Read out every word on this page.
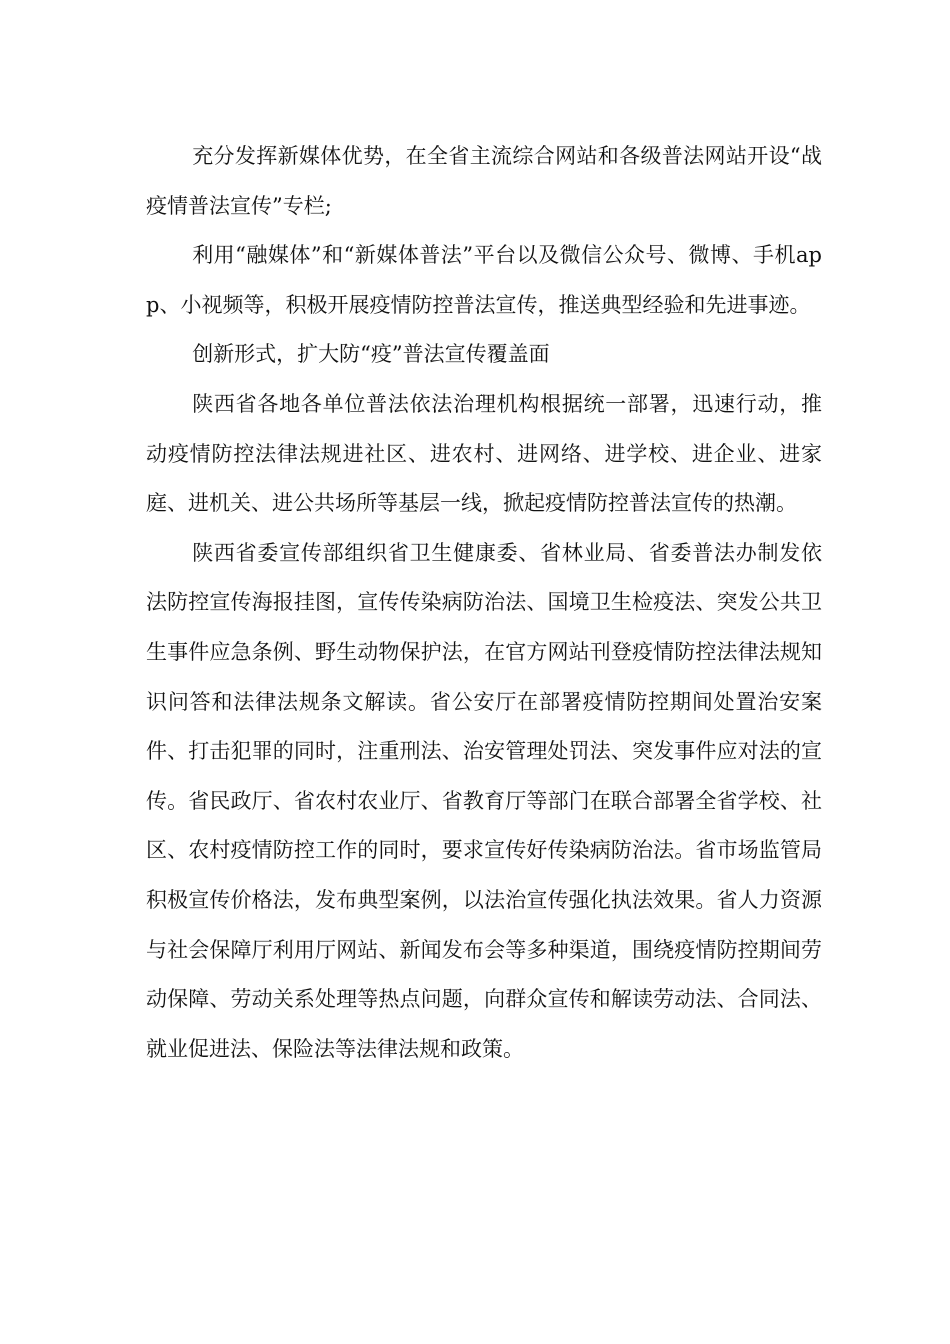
充分发挥新媒体优势，在全省主流综合网站和各级普法网站开设“战疫情普法宣传”专栏;

利用“融媒体”和“新媒体普法”平台以及微信公众号、微博、手机app、小视频等，积极开展疫情防控普法宣传，推送典型经验和先进事迹。

创新形式，扩大防“疫”普法宣传覆盖面

陕西省各地各单位普法依法治理机构根据统一部署，迅速行动，推动疫情防控法律法规进社区、进农村、进网络、进学校、进企业、进家庭、进机关、进公共场所等基层一线，掀起疫情防控普法宣传的热潮。

陕西省委宣传部组织省卫生健康委、省林业局、省委普法办制发依法防控宣传海报挂图，宣传传染病防治法、国境卫生检疫法、突发公共卫生事件应急条例、野生动物保护法，在官方网站刊登疫情防控法律法规知识问答和法律法规条文解读。省公安厅在部署疫情防控期间处置治安案件、打击犯罪的同时，注重刑法、治安管理处罚法、突发事件应对法的宣传。省民政厅、省农村农业厅、省教育厅等部门在联合部署全省学校、社区、农村疫情防控工作的同时，要求宣传好传染病防治法。省市场监管局积极宣传价格法，发布典型案例，以法治宣传强化执法效果。省人力资源与社会保障厅利用厅网站、新闻发布会等多种渠道，围绕疫情防控期间劳动保障、劳动关系处理等热点问题，向群众宣传和解读劳动法、合同法、就业促进法、保险法等法律法规和政策。
